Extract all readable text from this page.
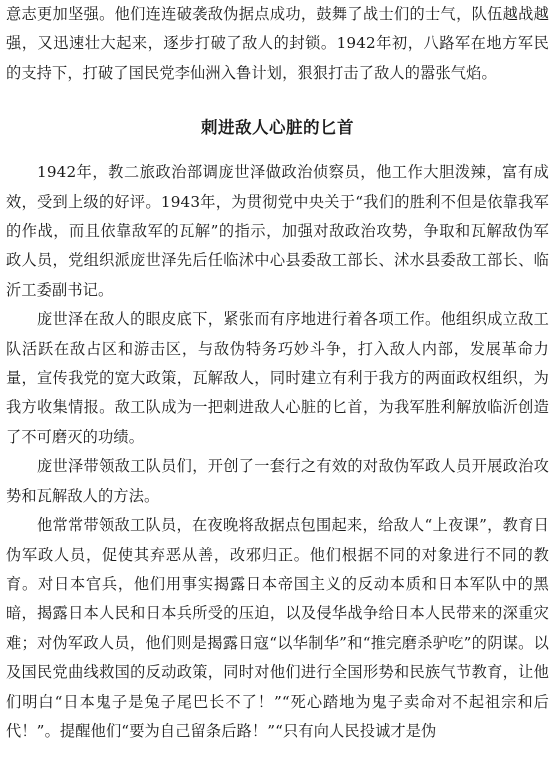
意志更加坚强。他们连连破袭敌伪据点成功，鼓舞了战士们的士气，队伍越战越强，又迅速壮大起来，逐步打破了敌人的封锁。1942年初，八路军在地方军民的支持下，打破了国民党李仙洲入鲁计划，狠狠打击了敌人的嚣张气焰。

刺进敌人心脏的匕首

1942年，教二旅政治部调庞世泽做政治侦察员，他工作大胆泼辣，富有成效，受到上级的好评。1943年，为贯彻党中央关于“我们的胜利不但是依靠我军的作战，而且依靠敌军的瓦解”的指示，加强对敌政治攻势，争取和瓦解敌伪军政人员，党组织派庞世泽先后任临沭中心县委敌工部长、沭水县委敌工部长、临沂工委副书记。

庞世泽在敌人的眼皮底下，紧张而有序地进行着各项工作。他组织成立敌工队活跃在敌占区和游击区，与敌伪特务巧妙斗争，打入敌人内部，发展革命力量，宣传我党的宽大政策，瓦解敌人，同时建立有利于我方的两面政权组织，为我方收集情报。敌工队成为一把刺进敌人心脏的匕首，为我军胜利解放临沂创造了不可磨灭的功绩。

庞世泽带领敌工队员们，开创了一套行之有效的对敌伪军政人员开展政治攻势和瓦解敌人的方法。

他常常带领敌工队员，在夜晚将敌据点包围起来，给敌人“上夜课”，教育日伪军政人员，促使其弃恶从善，改邪归正。他们根据不同的对象进行不同的教育。对日本官兵，他们用事实揭露日本帝国主义的反动本质和日本军队中的黑暗，揭露日本人民和日本兵所受的压迫，以及侵华战争给日本人民带来的深重灾难；对伪军政人员，他们则是揭露日寇“以华制华”和“推完磨杀驴吃”的阴谋。以及国民党曲线救国的反动政策，同时对他们进行全国形势和民族气节教育，让他们明白“日本鬼子是兔子尾巴长不了！”“死心踏地为鬼子卖命对不起祖宗和后代！”。提醒他们“要为自己留条后路！”“只有向人民投诚才是伪
